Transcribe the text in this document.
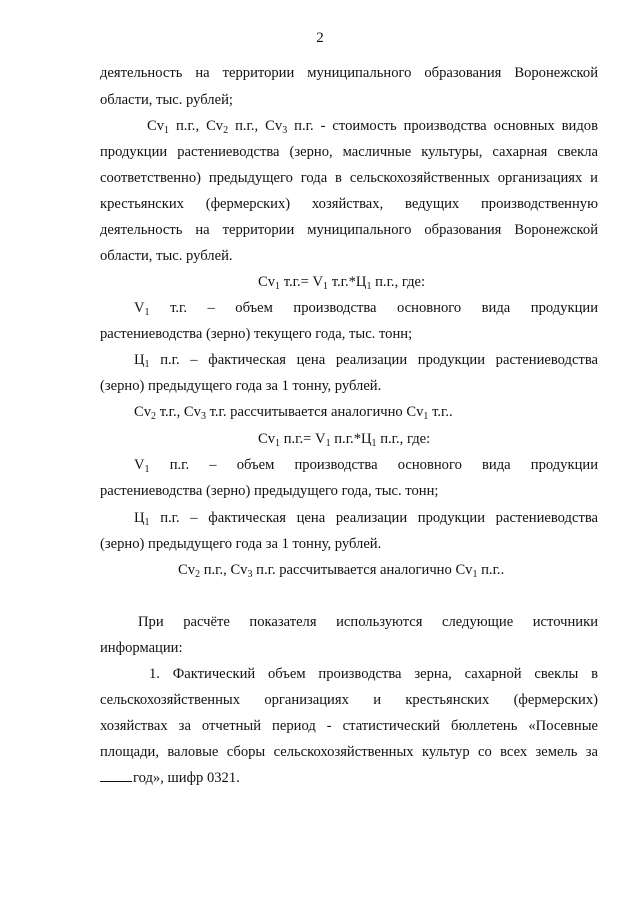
2
деятельность на территории муниципального образования Воронежской
области, тыс. рублей;
$Cv_1$ п.г., $Cv_2$ п.г., $Cv_3$ п.г. - стоимость производства основных видов
продукции растениеводства (зерно, масличные культуры, сахарная свекла
соответственно) предыдущего года в сельскохозяйственных организациях и
крестьянских (фермерских) хозяйствах, ведущих производственную
деятельность на территории муниципального образования Воронежской
области, тыс. рублей.
$Cv_1$ $т.г.= V_1$ $т.г.*Ц_1$ п.г., где:
$V_1$ т.г. – объем производства основного вида продукции
растениеводства (зерно) текущего года, тыс. тонн;
$Ц_1$ п.г. – фактическая цена реализации продукции растениеводства
(зерно) предыдущего года за 1 тонну, рублей.
$Cv_2$ т.г., $Cv_3$ т.г. рассчитывается аналогично $Cv_1$ т.г..
$Cv_1$ $п.г.= V_1$ $п.г.*Ц_1$ п.г., где:
$V_1$ п.г. – объем производства основного вида продукции
растениеводства (зерно) предыдущего года, тыс. тонн;
$Ц_1$ п.г. – фактическая цена реализации продукции растениеводства
(зерно) предыдущего года за 1 тонну, рублей.
$Cv_2$ п.г., $Cv_3$ п.г. рассчитывается аналогично $Cv_1$ п.г..
При расчёте показателя используются следующие источники
информации:
1. Фактический объем производства зерна, сахарной свеклы в
сельскохозяйственных организациях и крестьянских (фермерских)
хозяйствах за отчетный период - статистический бюллетень «Посевные
площади, валовые сборы сельскохозяйственных культур со всех земель за
год», шифр 0321.
